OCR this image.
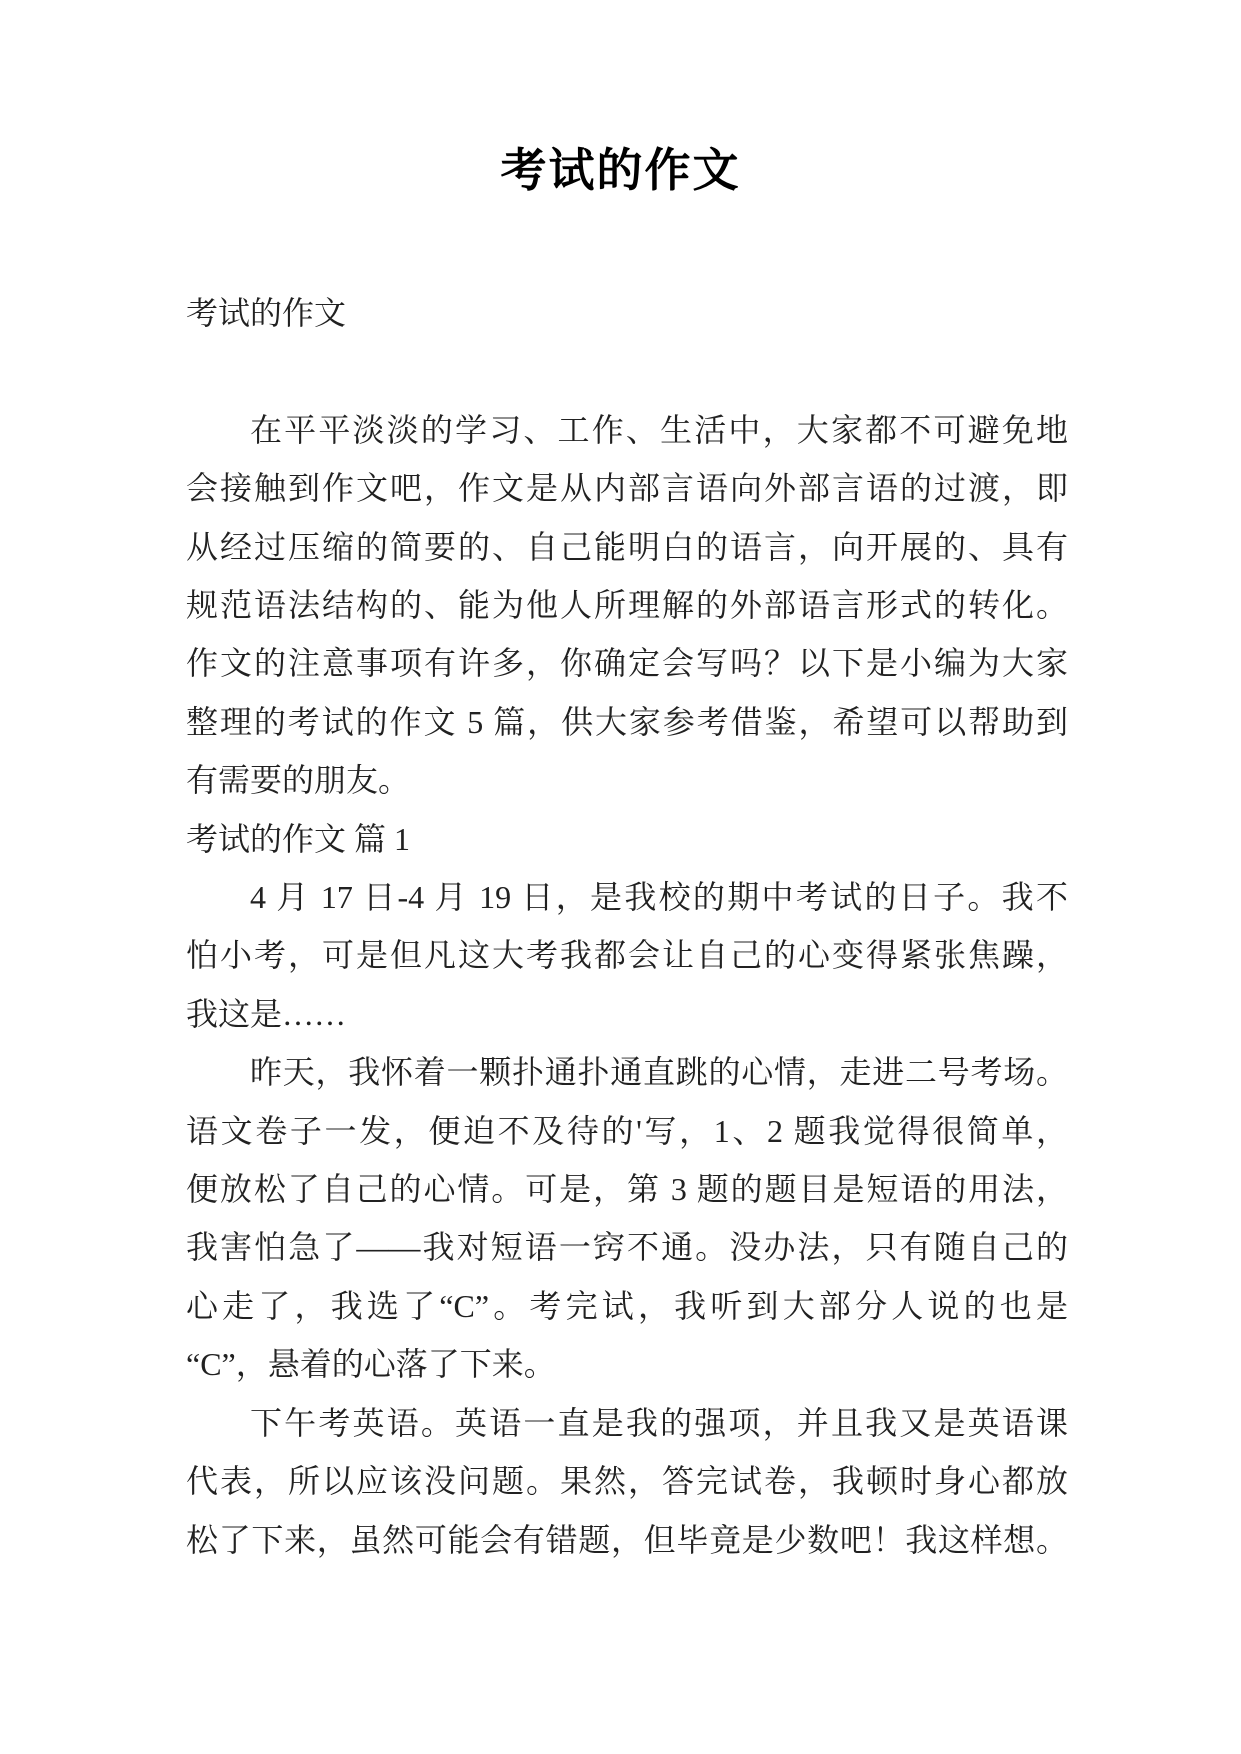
考试的作文
考试的作文
在平平淡淡的学习、工作、生活中，大家都不可避免地
会接触到作文吧，作文是从内部言语向外部言语的过渡，即
从经过压缩的简要的、自己能明白的语言，向开展的、具有
规范语法结构的、能为他人所理解的外部语言形式的转化。
作文的注意事项有许多，你确定会写吗？以下是小编为大家
整理的考试的作文 5 篇，供大家参考借鉴，希望可以帮助到
有需要的朋友。
考试的作文 篇 1
4 月 17 日-4 月 19 日，是我校的期中考试的日子。我不
怕小考，可是但凡这大考我都会让自己的心变得紧张焦躁，
我这是……
昨天，我怀着一颗扑通扑通直跳的心情，走进二号考场。
语文卷子一发，便迫不及待的'写，1、2 题我觉得很简单，
便放松了自己的心情。可是，第 3 题的题目是短语的用法，
我害怕急了——我对短语一窍不通。没办法，只有随自己的
心走了，我选了“C”。考完试，我听到大部分人说的也是
“C”，悬着的心落了下来。
下午考英语。英语一直是我的强项，并且我又是英语课
代表，所以应该没问题。果然，答完试卷，我顿时身心都放
松了下来，虽然可能会有错题，但毕竟是少数吧！我这样想。
